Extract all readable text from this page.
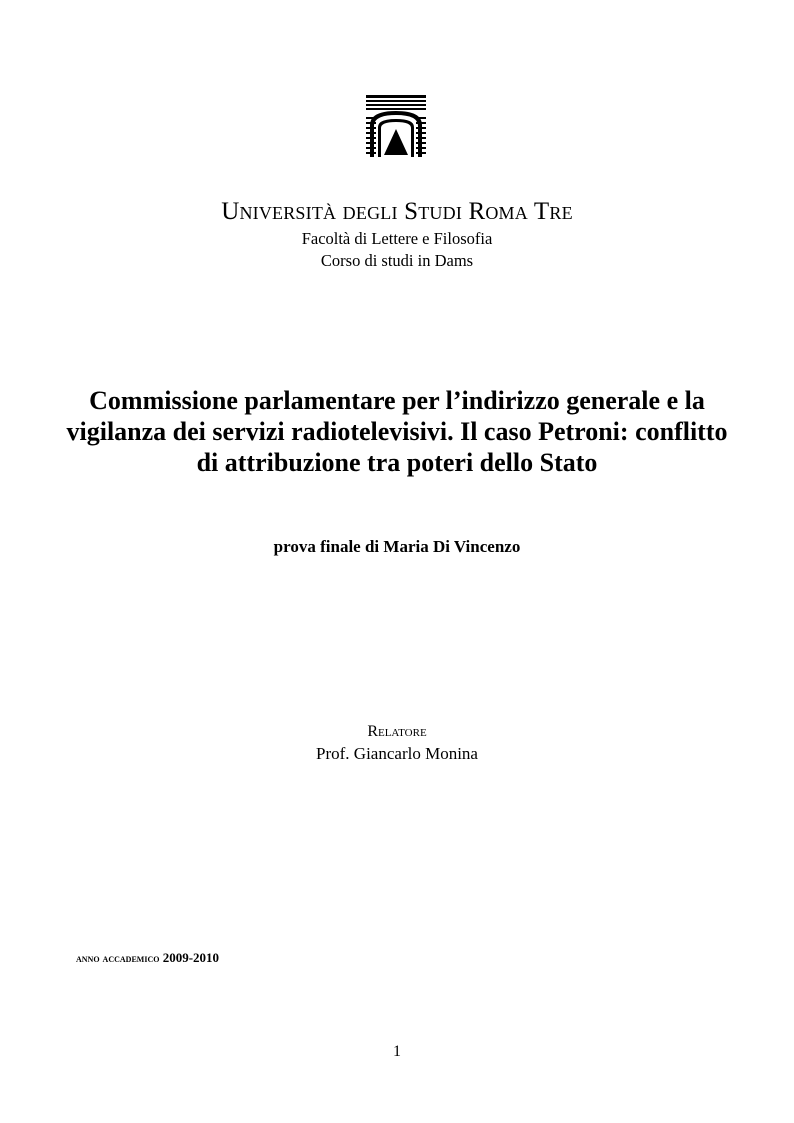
Università degli Studi Roma Tre
Facoltà di Lettere e Filosofia
Corso di studi in Dams
Commissione parlamentare per l’indirizzo generale e la vigilanza dei servizi radiotelevisivi. Il caso Petroni: conflitto di attribuzione tra poteri dello Stato
prova finale di Maria Di Vincenzo
Relatore
Prof. Giancarlo Monina
anno accademico 2009-2010
1
